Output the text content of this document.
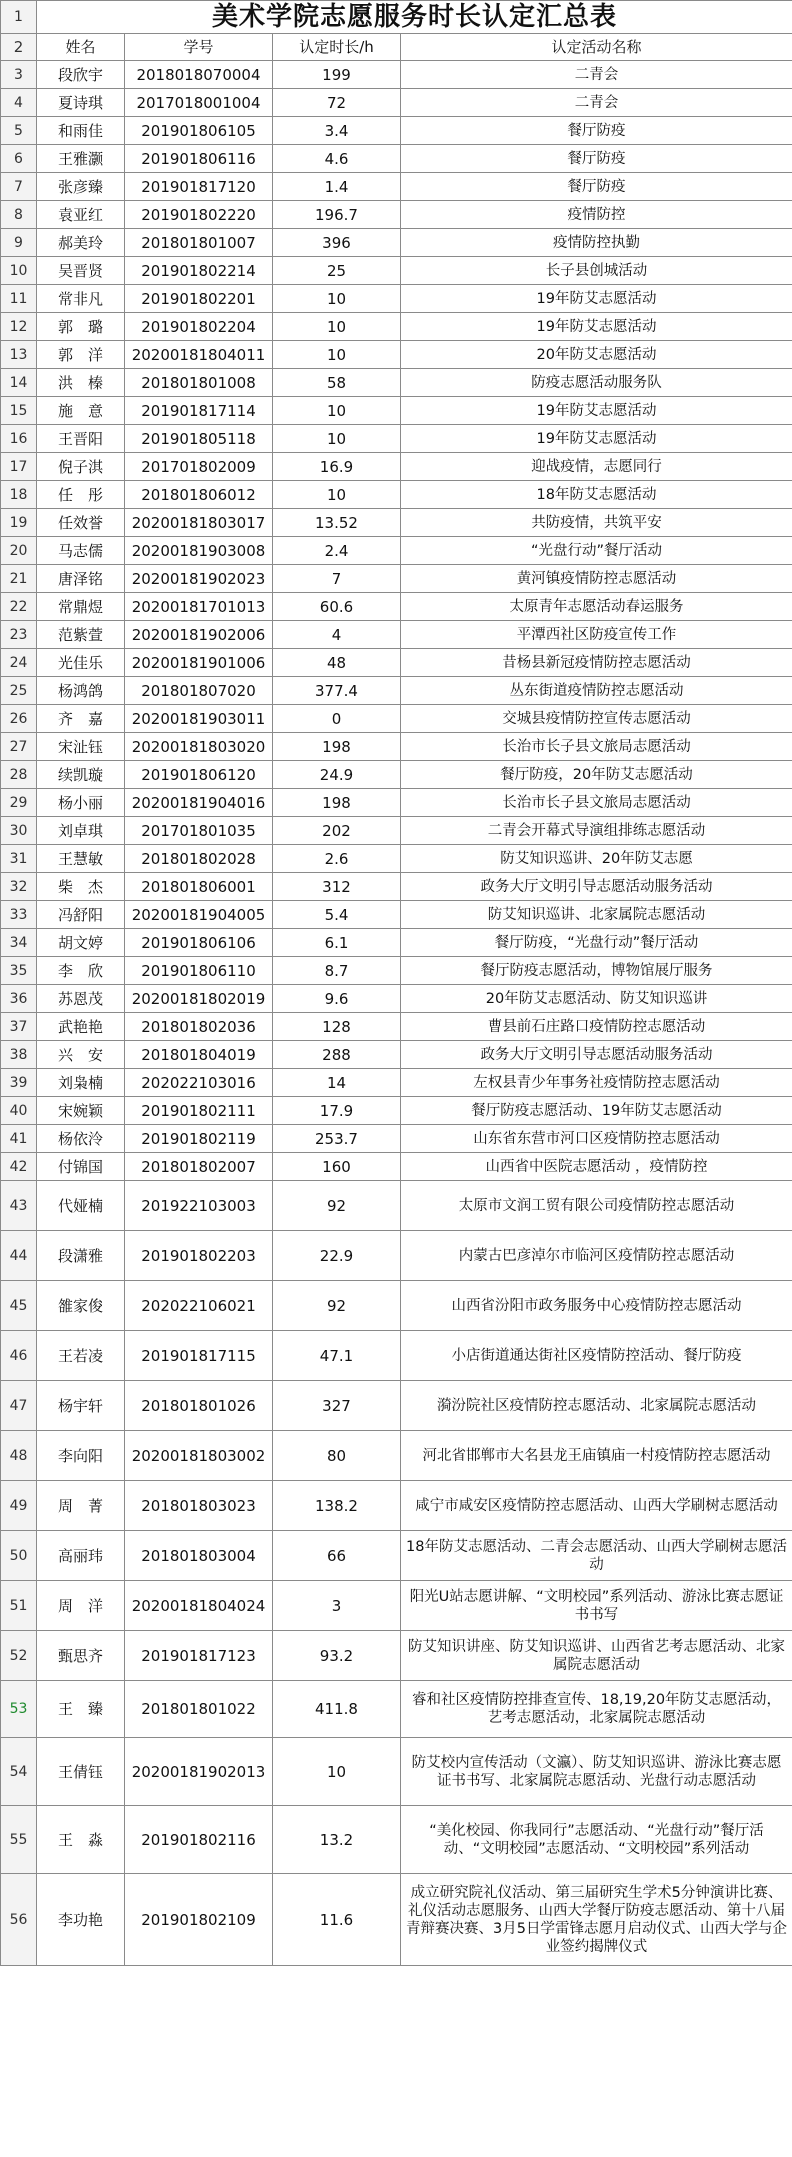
1	美术学院志愿服务时长认定汇总表			
2	姓名	学号	认定时长/h	认定活动名称
3	段欣宇	2018018070004	199	二青会
4	夏诗琪	2017018001004	72	二青会
5	和雨佳	201901806105	3.4	餐厅防疫
6	王雅灏	201901806116	4.6	餐厅防疫
7	张彦臻	201901817120	1.4	餐厅防疫
8	袁亚红	201901802220	196.7	疫情防控
9	郝美玲	201801801007	396	疫情防控执勤
10	吴晋贤	201901802214	25	长子县创城活动
11	常非凡	201901802201	10	19年防艾志愿活动
12	郭　璐	201901802204	10	19年防艾志愿活动
13	郭　洋	20200181804011	10	20年防艾志愿活动
14	洪　榛	201801801008	58	防疫志愿活动服务队
15	施　意	201901817114	10	19年防艾志愿活动
16	王晋阳	201901805118	10	19年防艾志愿活动
17	倪子淇	201701802009	16.9	迎战疫情，志愿同行
18	任　彤	201801806012	10	18年防艾志愿活动
19	任效誉	20200181803017	13.52	共防疫情，共筑平安
20	马志儒	20200181903008	2.4	“光盘行动”餐厅活动
21	唐泽铭	20200181902023	7	黄河镇疫情防控志愿活动
22	常鼎煜	20200181701013	60.6	太原青年志愿活动春运服务
23	范紫萱	20200181902006	4	平潭西社区防疫宣传工作
24	光佳乐	20200181901006	48	昔杨县新冠疫情防控志愿活动
25	杨鸿鸽	201801807020	377.4	丛东街道疫情防控志愿活动
26	齐　嘉	20200181903011	0	交城县疫情防控宣传志愿活动
27	宋沚钰	20200181803020	198	长治市长子县文旅局志愿活动
28	续凯璇	201901806120	24.9	餐厅防疫，20年防艾志愿活动
29	杨小丽	20200181904016	198	长治市长子县文旅局志愿活动
30	刘卓琪	201701801035	202	二青会开幕式导演组排练志愿活动
31	王慧敏	201801802028	2.6	防艾知识巡讲、20年防艾志愿
32	柴　杰	201801806001	312	政务大厅文明引导志愿活动服务活动
33	冯舒阳	20200181904005	5.4	防艾知识巡讲、北家属院志愿活动
34	胡文婷	201901806106	6.1	餐厅防疫，“光盘行动”餐厅活动
35	李　欣	201901806110	8.7	餐厅防疫志愿活动，博物馆展厅服务
36	苏恩茂	20200181802019	9.6	20年防艾志愿活动、防艾知识巡讲
37	武艳艳	201801802036	128	曹县前石庄路口疫情防控志愿活动
38	兴　安	201801804019	288	政务大厅文明引导志愿活动服务活动
39	刘枭楠	202022103016	14	左权县青少年事务社疫情防控志愿活动
40	宋婉颖	201901802111	17.9	餐厅防疫志愿活动、19年防艾志愿活动
41	杨依泠	201901802119	253.7	山东省东营市河口区疫情防控志愿活动
42	付锦国	201801802007	160	山西省中医院志愿活动 ，疫情防控
43	代娅楠	201922103003	92	太原市文润工贸有限公司疫情防控志愿活动
44	段潇雅	201901802203	22.9	内蒙古巴彦淖尔市临河区疫情防控志愿活动
45	雒家俊	202022106021	92	山西省汾阳市政务服务中心疫情防控志愿活动
46	王若凌	201901817115	47.1	小店街道通达街社区疫情防控活动、餐厅防疫
47	杨宇轩	201801801026	327	漪汾院社区疫情防控志愿活动、北家属院志愿活动
48	李向阳	20200181803002	80	河北省邯郸市大名县龙王庙镇庙一村疫情防控志愿活动
49	周　菁	201801803023	138.2	咸宁市咸安区疫情防控志愿活动、山西大学刷树志愿活动
50	高丽玮	201801803004	66	18年防艾志愿活动、二青会志愿活动、山西大学刷树志愿活动
51	周　洋	20200181804024	3	阳光U站志愿讲解、“文明校园”系列活动、游泳比赛志愿证书书写
52	甄思齐	201901817123	93.2	防艾知识讲座、防艾知识巡讲、山西省艺考志愿活动、北家属院志愿活动
53	王　臻	201801801022	411.8	睿和社区疫情防控排查宣传、18,19,20年防艾志愿活动，艺考志愿活动，北家属院志愿活动
54	王倩钰	20200181902013	10	防艾校内宣传活动（文瀛）、防艾知识巡讲、游泳比赛志愿证书书写、北家属院志愿活动、光盘行动志愿活动
55	王　淼	201901802116	13.2	“美化校园、你我同行”志愿活动、“光盘行动”餐厅活动、“文明校园”志愿活动、“文明校园”系列活动
56	李功艳	201901802109	11.6	成立研究院礼仪活动、第三届研究生学术5分钟演讲比赛、礼仪活动志愿服务、山西大学餐厅防疫志愿活动、第十八届青辩赛决赛、3月5日学雷锋志愿月启动仪式、山西大学与企业签约揭牌仪式
